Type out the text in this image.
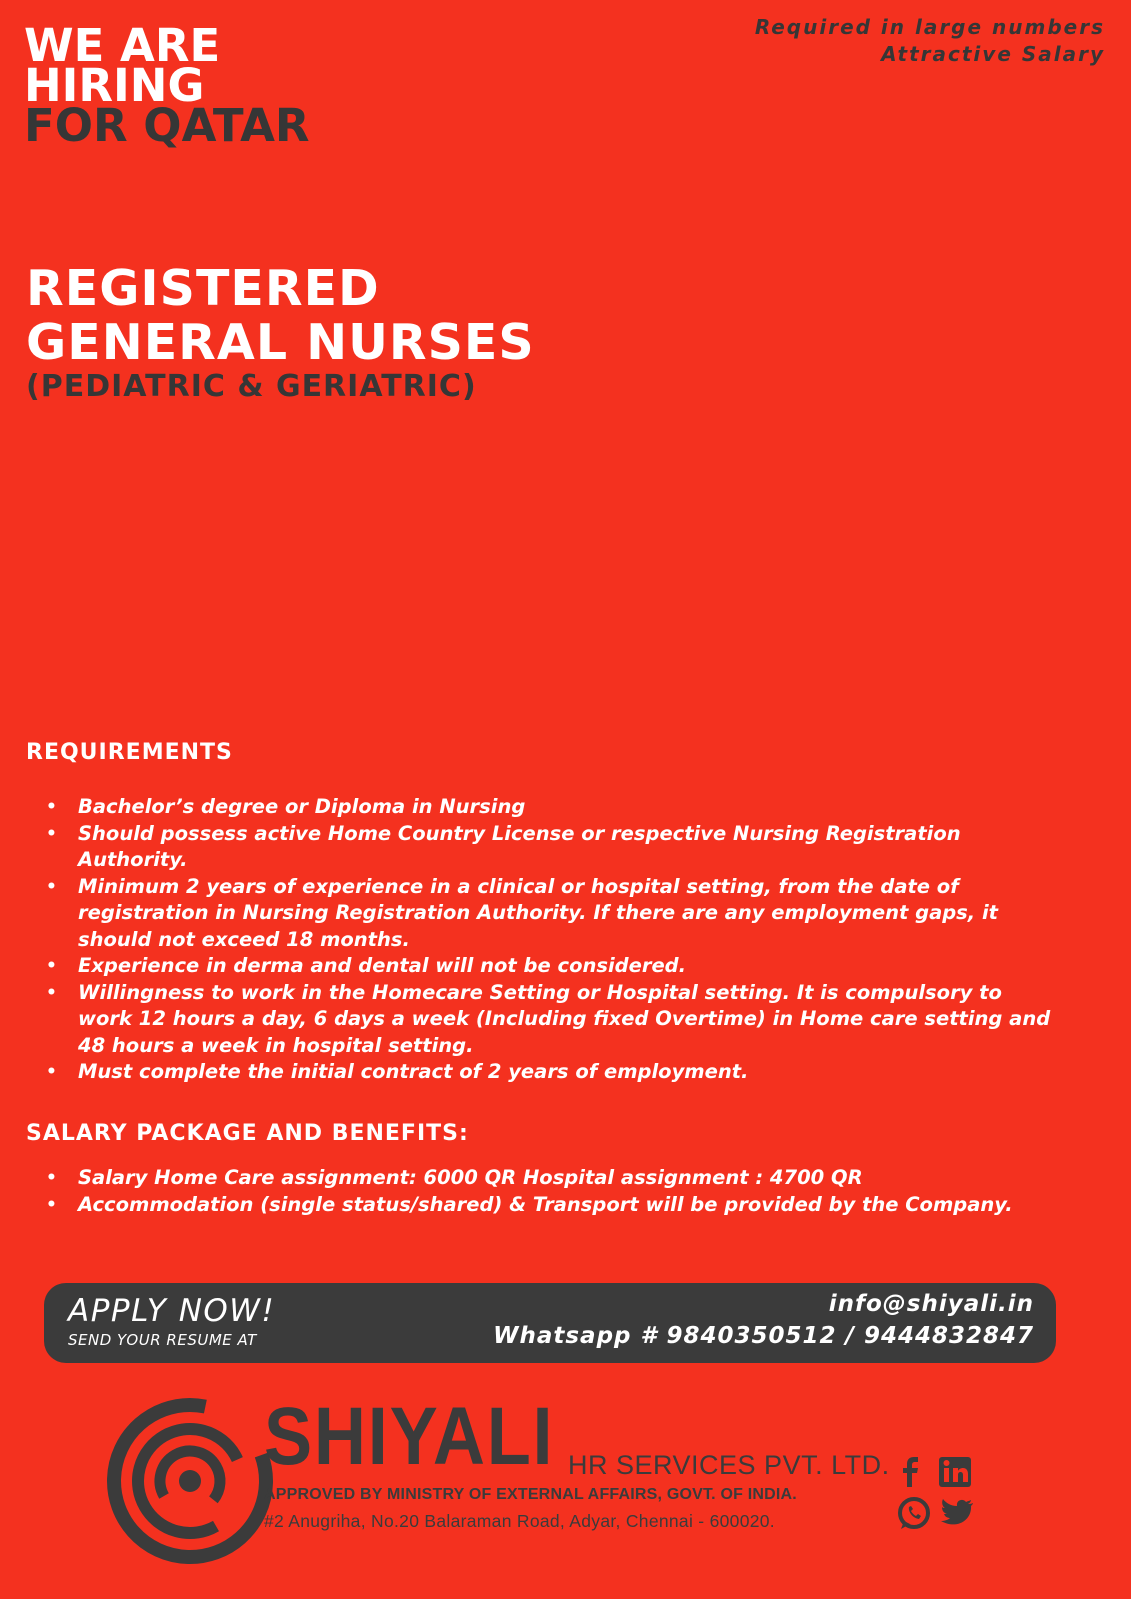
WE ARE
HIRING
FOR QATAR
Required in large numbers
Attractive Salary
REGISTERED
GENERAL NURSES
(PEDIATRIC & GERIATRIC)
REQUIREMENTS
• Bachelor’s degree or Diploma in Nursing
• Should possess active Home Country License or respective Nursing Registration Authority.
• Minimum 2 years of experience in a clinical or hospital setting, from the date of registration in Nursing Registration Authority. If there are any employment gaps, it should not exceed 18 months.
• Experience in derma and dental will not be considered.
• Willingness to work in the Homecare Setting or Hospital setting. It is compulsory to work 12 hours a day, 6 days a week (Including fixed Overtime) in Home care setting and 48 hours a week in hospital setting.
• Must complete the initial contract of 2 years of employment.
SALARY PACKAGE AND BENEFITS:
• Salary Home Care assignment: 6000 QR Hospital assignment : 4700 QR
• Accommodation (single status/shared) & Transport will be provided by the Company.
APPLY NOW!
SEND YOUR RESUME AT
info@shiyali.in
Whatsapp # 9840350512 / 9444832847
SHIYALI HR SERVICES PVT. LTD.
APPROVED BY MINISTRY OF EXTERNAL AFFAIRS, GOVT. OF INDIA.
#2 Anugriha, No.20 Balaraman Road, Adyar, Chennai - 600020.
